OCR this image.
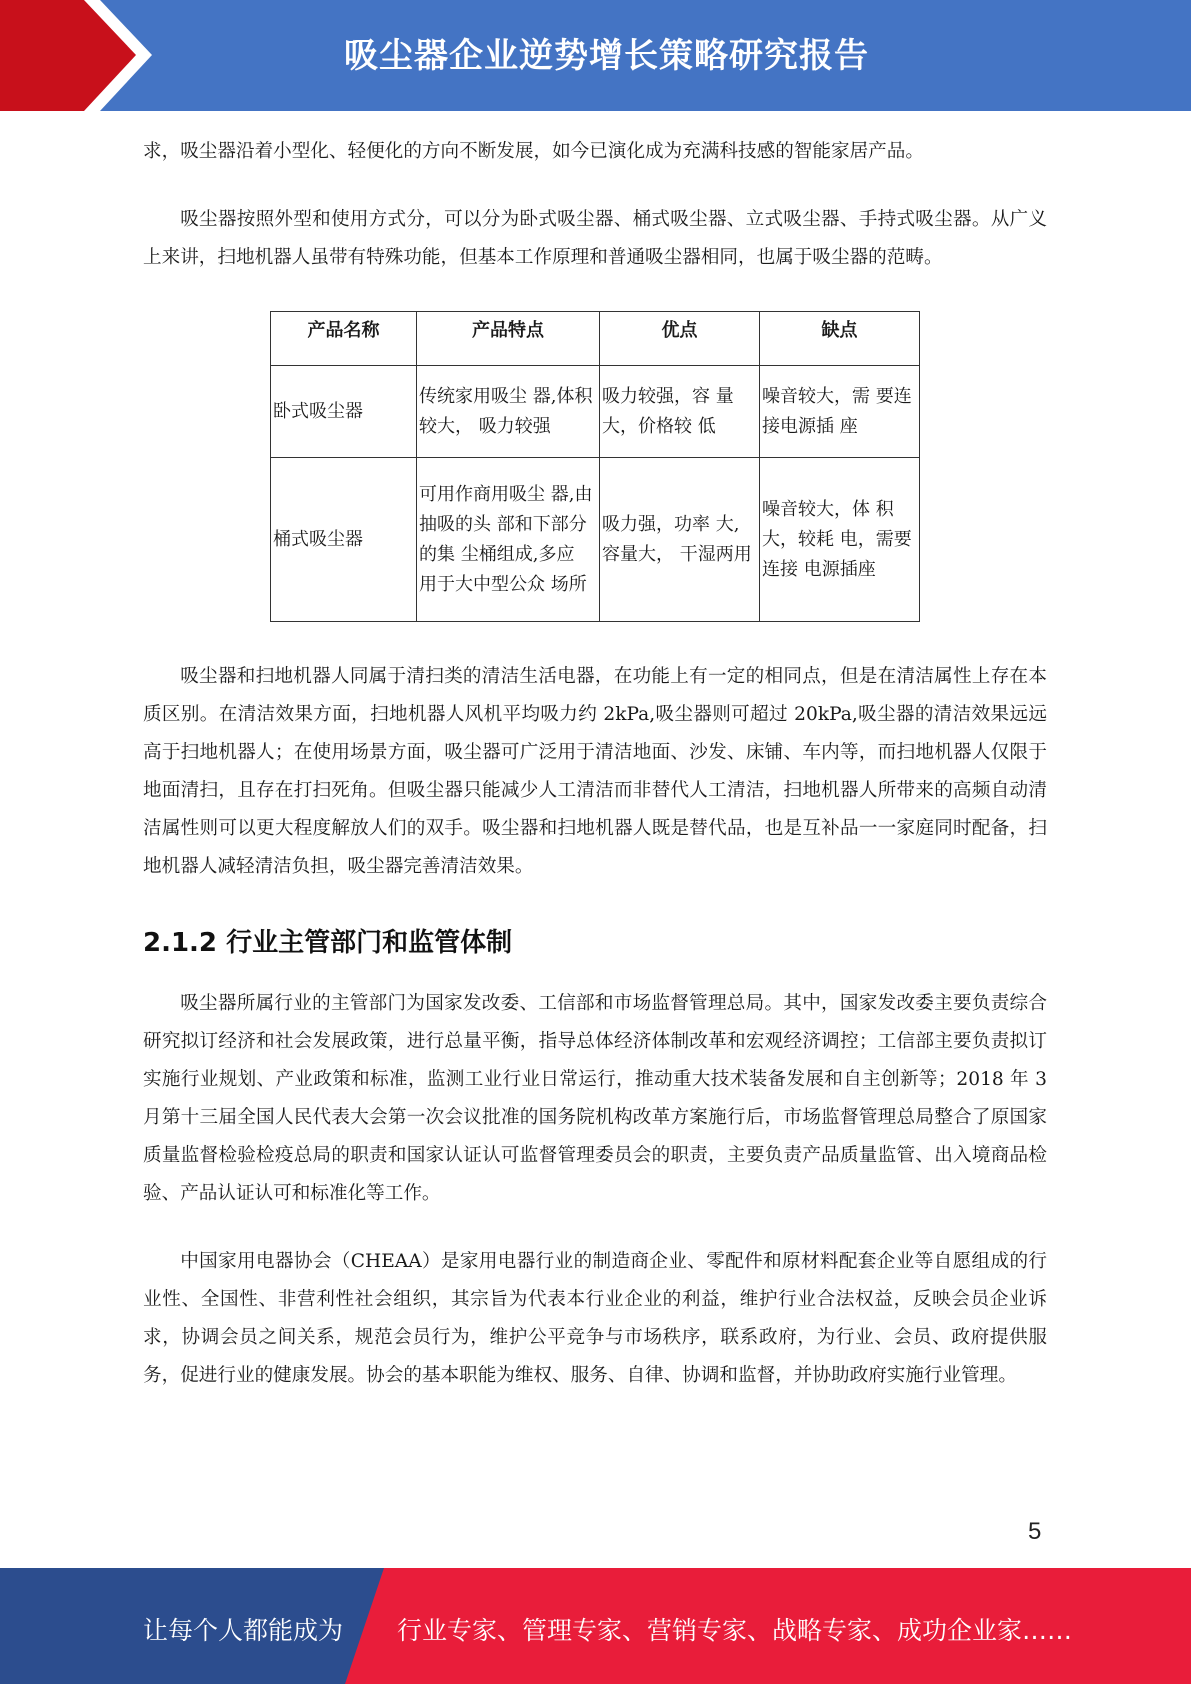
吸尘器企业逆势增长策略研究报告

求，吸尘器沿着小型化、轻便化的方向不断发展，如今已演化成为充满科技感的智能家居产品。

吸尘器按照外型和使用方式分，可以分为卧式吸尘器、桶式吸尘器、立式吸尘器、手持式吸尘器。从广义上来讲，扫地机器人虽带有特殊功能，但基本工作原理和普通吸尘器相同，也属于吸尘器的范畴。

产品名称	产品特点	优点	缺点
卧式吸尘器	传统家用吸尘 器,体积较大， 吸力较强	吸力较强，容 量大，价格较 低	噪音较大，需 要连接电源插 座
桶式吸尘器	可用作商用吸尘 器,由抽吸的头 部和下部分的集 尘桶组成,多应 用于大中型公众 场所	吸力强，功率 大,容量大， 干湿两用	噪音较大，体 积大，较耗 电，需要连接 电源插座

吸尘器和扫地机器人同属于清扫类的清洁生活电器，在功能上有一定的相同点，但是在清洁属性上存在本质区别。在清洁效果方面，扫地机器人风机平均吸力约 2kPa,吸尘器则可超过 20kPa,吸尘器的清洁效果远远高于扫地机器人；在使用场景方面，吸尘器可广泛用于清洁地面、沙发、床铺、车内等，而扫地机器人仅限于地面清扫，且存在打扫死角。但吸尘器只能减少人工清洁而非替代人工清洁，扫地机器人所带来的高频自动清洁属性则可以更大程度解放人们的双手。吸尘器和扫地机器人既是替代品，也是互补品一一家庭同时配备，扫地机器人减轻清洁负担，吸尘器完善清洁效果。

2.1.2 行业主管部门和监管体制

吸尘器所属行业的主管部门为国家发改委、工信部和市场监督管理总局。其中，国家发改委主要负责综合研究拟订经济和社会发展政策，进行总量平衡，指导总体经济体制改革和宏观经济调控；工信部主要负责拟订实施行业规划、产业政策和标准，监测工业行业日常运行，推动重大技术装备发展和自主创新等；2018 年 3 月第十三届全国人民代表大会第一次会议批准的国务院机构改革方案施行后，市场监督管理总局整合了原国家质量监督检验检疫总局的职责和国家认证认可监督管理委员会的职责，主要负责产品质量监管、出入境商品检验、产品认证认可和标准化等工作。

中国家用电器协会（CHEAA）是家用电器行业的制造商企业、零配件和原材料配套企业等自愿组成的行业性、全国性、非营利性社会组织，其宗旨为代表本行业企业的利益，维护行业合法权益，反映会员企业诉求，协调会员之间关系，规范会员行为，维护公平竞争与市场秩序，联系政府，为行业、会员、政府提供服务，促进行业的健康发展。协会的基本职能为维权、服务、自律、协调和监督，并协助政府实施行业管理。

5
让每个人都能成为 行业专家、管理专家、营销专家、战略专家、成功企业家……
